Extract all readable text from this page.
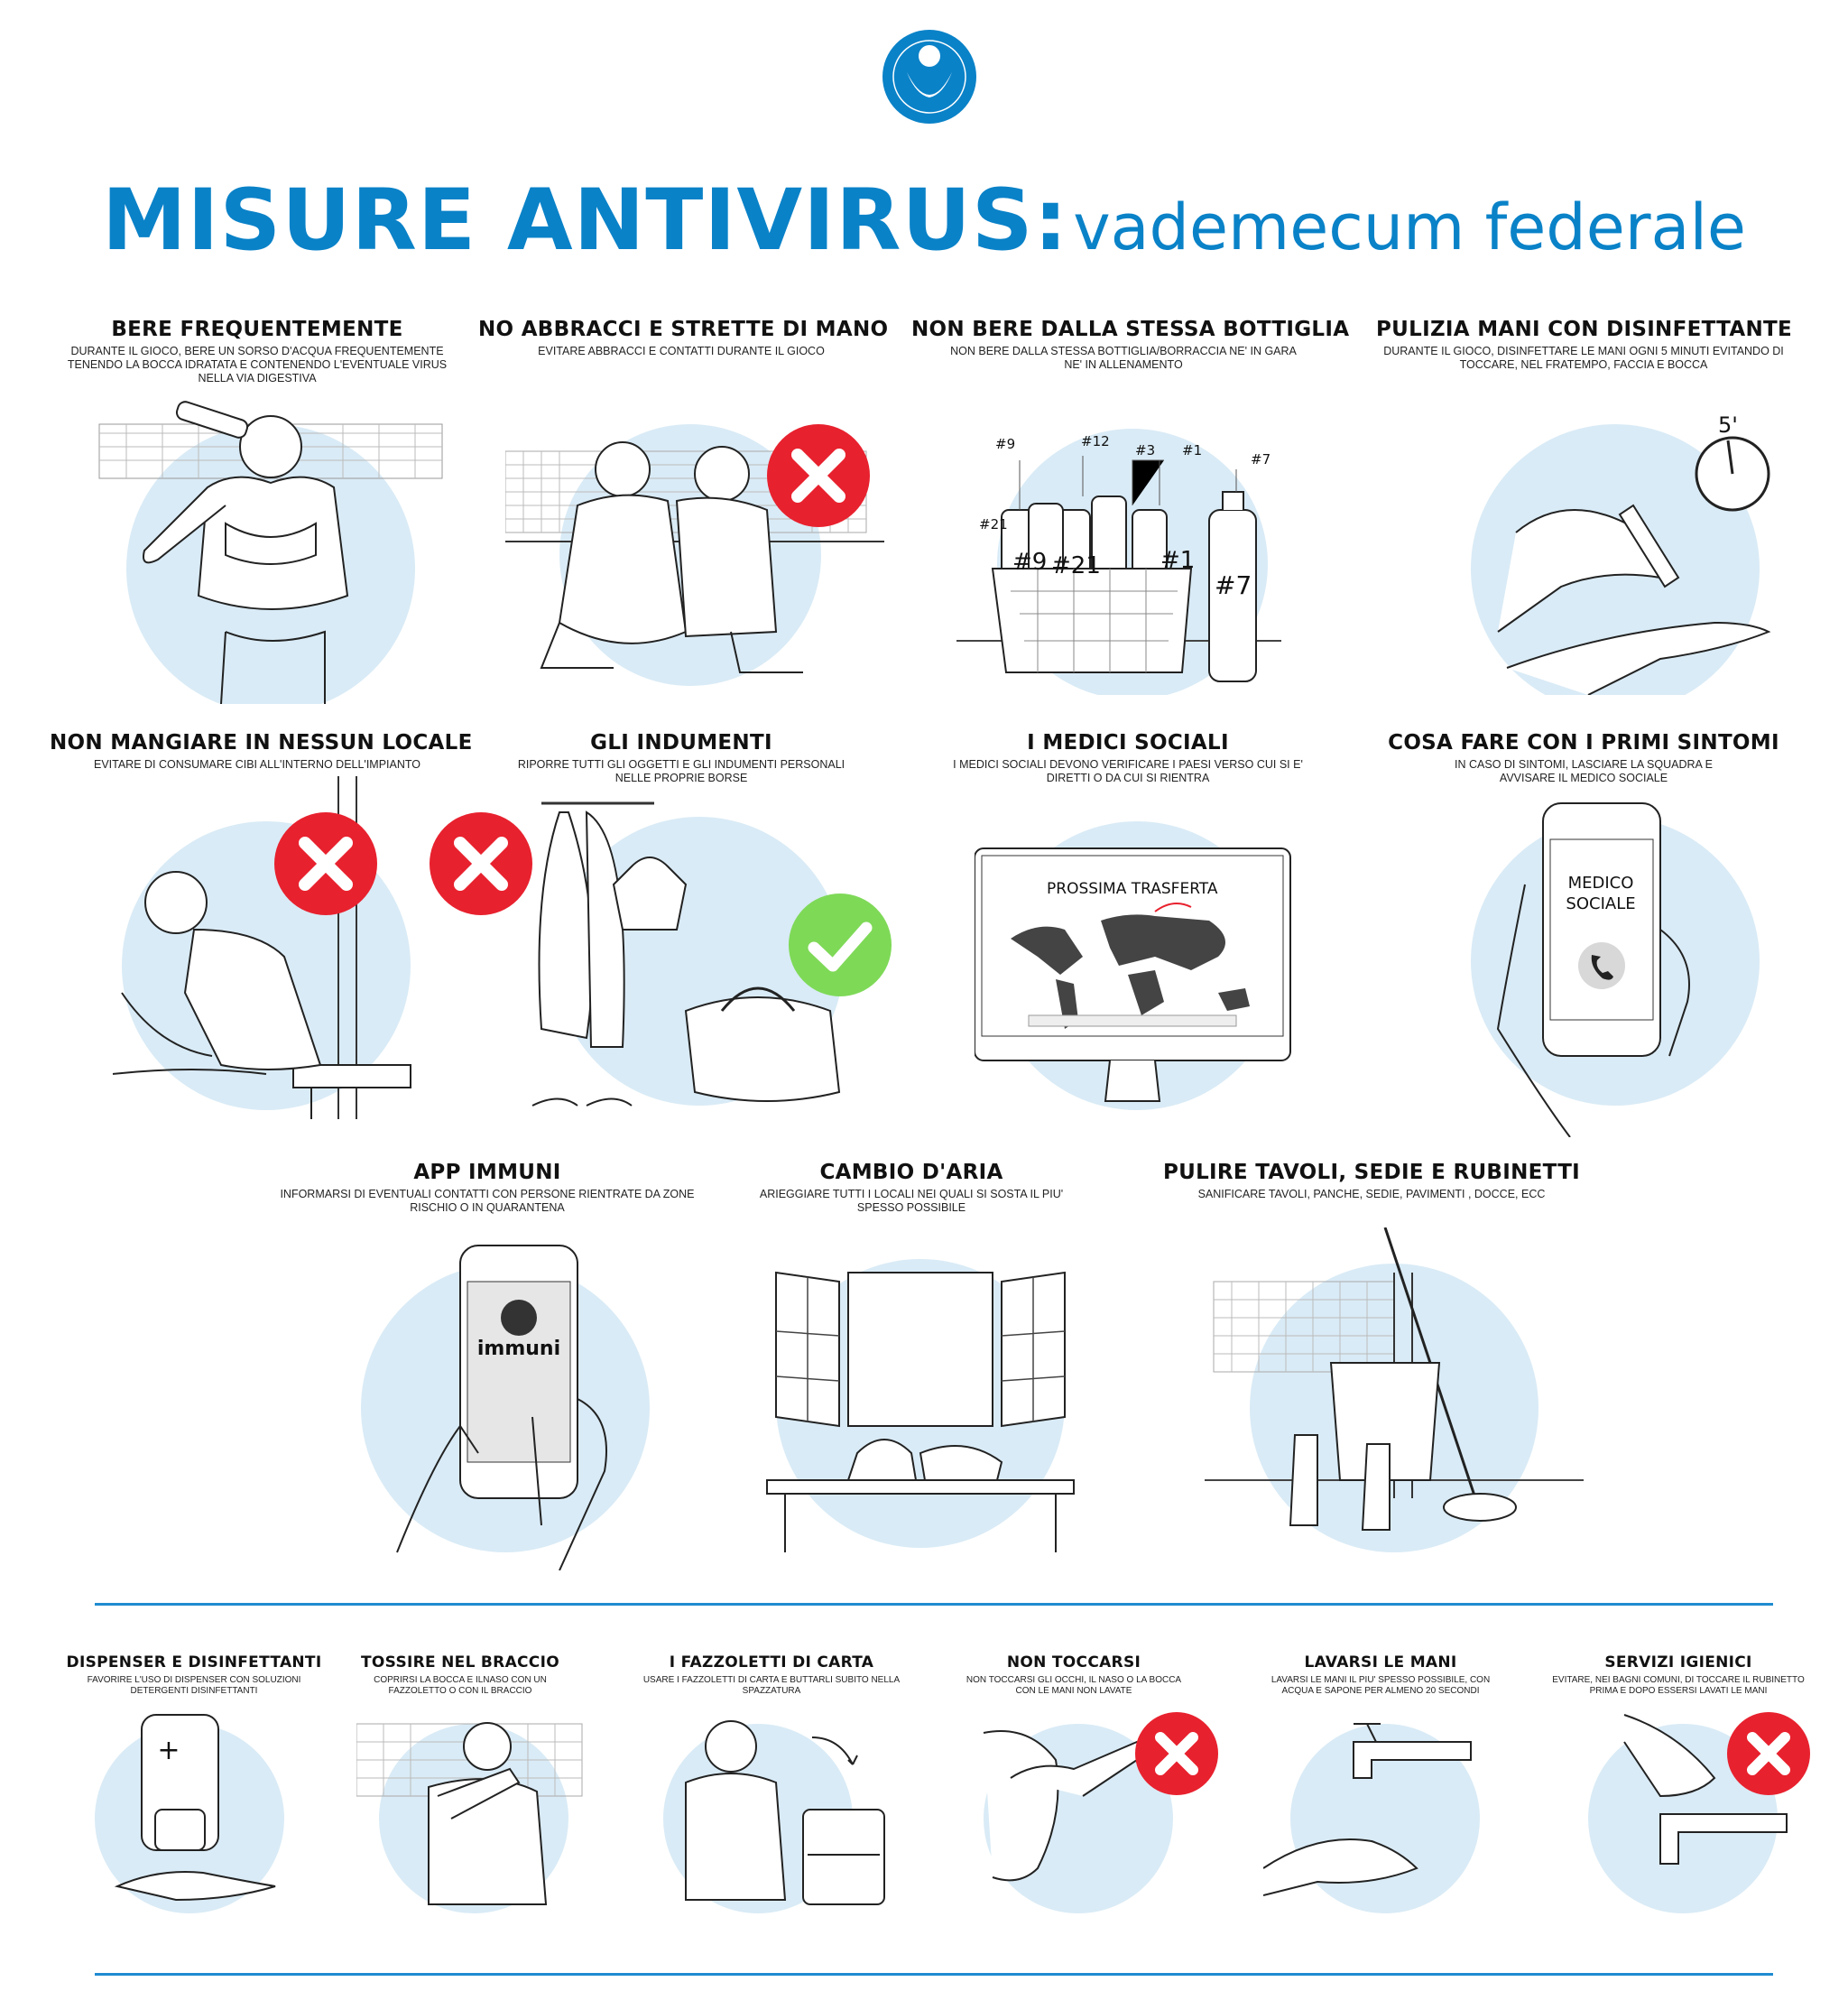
MISURE ANTIVIRUS: vademecum federale
BERE FREQUENTEMENTE
DURANTE IL GIOCO, BERE UN SORSO D'ACQUA FREQUENTEMENTE TENENDO LA BOCCA IDRATATA E CONTENENDO L'EVENTUALE VIRUS NELLA VIA DIGESTIVA
NO ABBRACCI E STRETTE DI MANO
EVITARE ABBRACCI E CONTATTI DURANTE IL GIOCO
NON BERE DALLA STESSA BOTTIGLIA
NON BERE DALLA STESSA BOTTIGLIA/BORRACCIA NE' IN GARA NE' IN ALLENAMENTO
PULIZIA MANI CON DISINFETTANTE
DURANTE IL GIOCO, DISINFETTARE LE MANI OGNI 5 MINUTI EVITANDO DI TOCCARE, NEL FRATEMPO, FACCIA E BOCCA
#9	#12
#3 #1
#7
#21
#9 #21	#1
#7
5'
NON MANGIARE IN NESSUN LOCALE
EVITARE DI CONSUMARE CIBI ALL'INTERNO DELL'IMPIANTO
GLI INDUMENTI
RIPORRE TUTTI GLI OGGETTI E GLI INDUMENTI PERSONALI NELLE PROPRIE BORSE
I MEDICI SOCIALI
I MEDICI SOCIALI DEVONO VERIFICARE I PAESI VERSO CUI SI E' DIRETTI O DA CUI SI RIENTRA
COSA FARE CON I PRIMI SINTOMI
IN CASO DI SINTOMI, LASCIARE LA SQUADRA E AVVISARE IL MEDICO SOCIALE
PROSSIMA TRASFERTA	MEDICO
SOCIALE
APP IMMUNI
INFORMARSI DI EVENTUALI CONTATTI CON PERSONE RIENTRATE DA ZONE RISCHIO O IN QUARANTENA
CAMBIO D'ARIA
ARIEGGIARE TUTTI I LOCALI NEI QUALI SI SOSTA IL PIU' SPESSO POSSIBILE
PULIRE TAVOLI, SEDIE E RUBINETTI
SANIFICARE TAVOLI, PANCHE, SEDIE, PAVIMENTI , DOCCE, ECC
immuni
DISPENSER E DISINFETTANTI
FAVORIRE L'USO DI DISPENSER CON SOLUZIONI DETERGENTI DISINFETTANTI
TOSSIRE NEL BRACCIO
COPRIRSI LA BOCCA E ILNASO CON UN FAZZOLETTO O CON IL BRACCIO
I FAZZOLETTI DI CARTA
USARE I FAZZOLETTI DI CARTA E BUTTARLI SUBITO NELLA SPAZZATURA
NON TOCCARSI
NON TOCCARSI GLI OCCHI, IL NASO O LA BOCCA CON LE MANI NON LAVATE
LAVARSI LE MANI
LAVARSI LE MANI IL PIU' SPESSO POSSIBILE, CON ACQUA E SAPONE PER ALMENO 20 SECONDI
SERVIZI IGIENICI
EVITARE, NEI BAGNI COMUNI, DI TOCCARE IL RUBINETTO PRIMA E DOPO ESSERSI LAVATI LE MANI
+
